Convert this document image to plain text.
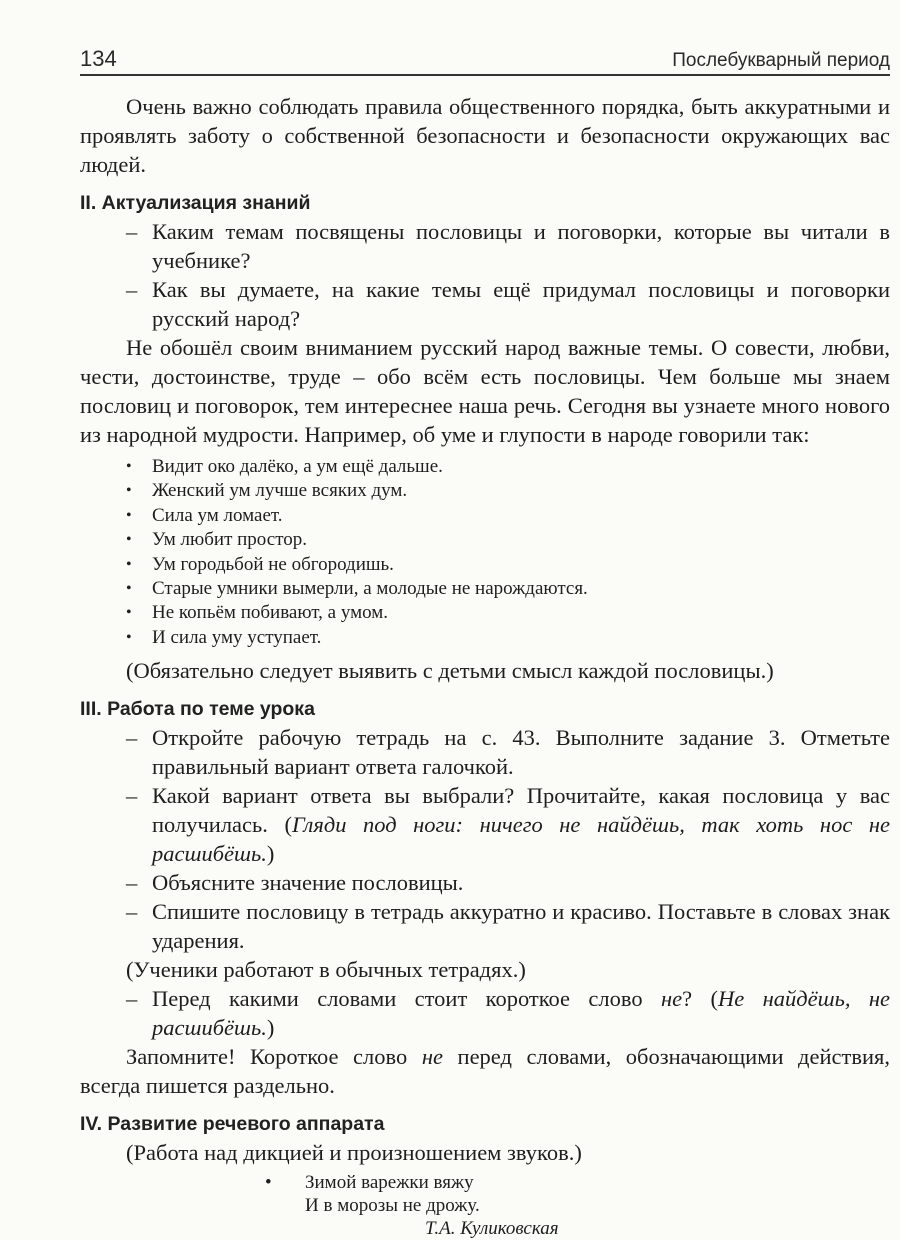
134	Послебукварный период

Очень важно соблюдать правила общественного порядка, быть аккуратными и проявлять заботу о собственной безопасности и безопасности окружающих вас людей.

II. Актуализация знаний

– Каким темам посвящены пословицы и поговорки, которые вы читали в учебнике?

– Как вы думаете, на какие темы ещё придумал пословицы и поговорки русский народ?

Не обошёл своим вниманием русский народ важные темы. О совести, любви, чести, достоинстве, труде – обо всём есть пословицы. Чем больше мы знаем пословиц и поговорок, тем интереснее наша речь. Сегодня вы узнаете много нового из народной мудрости. Например, об уме и глупости в народе говорили так:

• Видит око далёко, а ум ещё дальше.
• Женский ум лучше всяких дум.
• Сила ум ломает.
• Ум любит простор.
• Ум городьбой не обгородишь.
• Старые умники вымерли, а молодые не нарождаются.
• Не копьём побивают, а умом.
• И сила уму уступает.

(Обязательно следует выявить с детьми смысл каждой пословицы.)

III. Работа по теме урока

– Откройте рабочую тетрадь на с. 43. Выполните задание 3. Отметьте правильный вариант ответа галочкой.

– Какой вариант ответа вы выбрали? Прочитайте, какая пословица у вас получилась. (Гляди под ноги: ничего не найдёшь, так хоть нос не расшибёшь.)

– Объясните значение пословицы.

– Спишите пословицу в тетрадь аккуратно и красиво. Поставьте в словах знак ударения.

(Ученики работают в обычных тетрадях.)

– Перед какими словами стоит короткое слово не? (Не найдёшь, не расшибёшь.)

Запомните! Короткое слово не перед словами, обозначающими действия, всегда пишется раздельно.

IV. Развитие речевого аппарата

(Работа над дикцией и произношением звуков.)

• Зимой варежки вяжу
И в морозы не дрожу.
Т.А. Куликовская
